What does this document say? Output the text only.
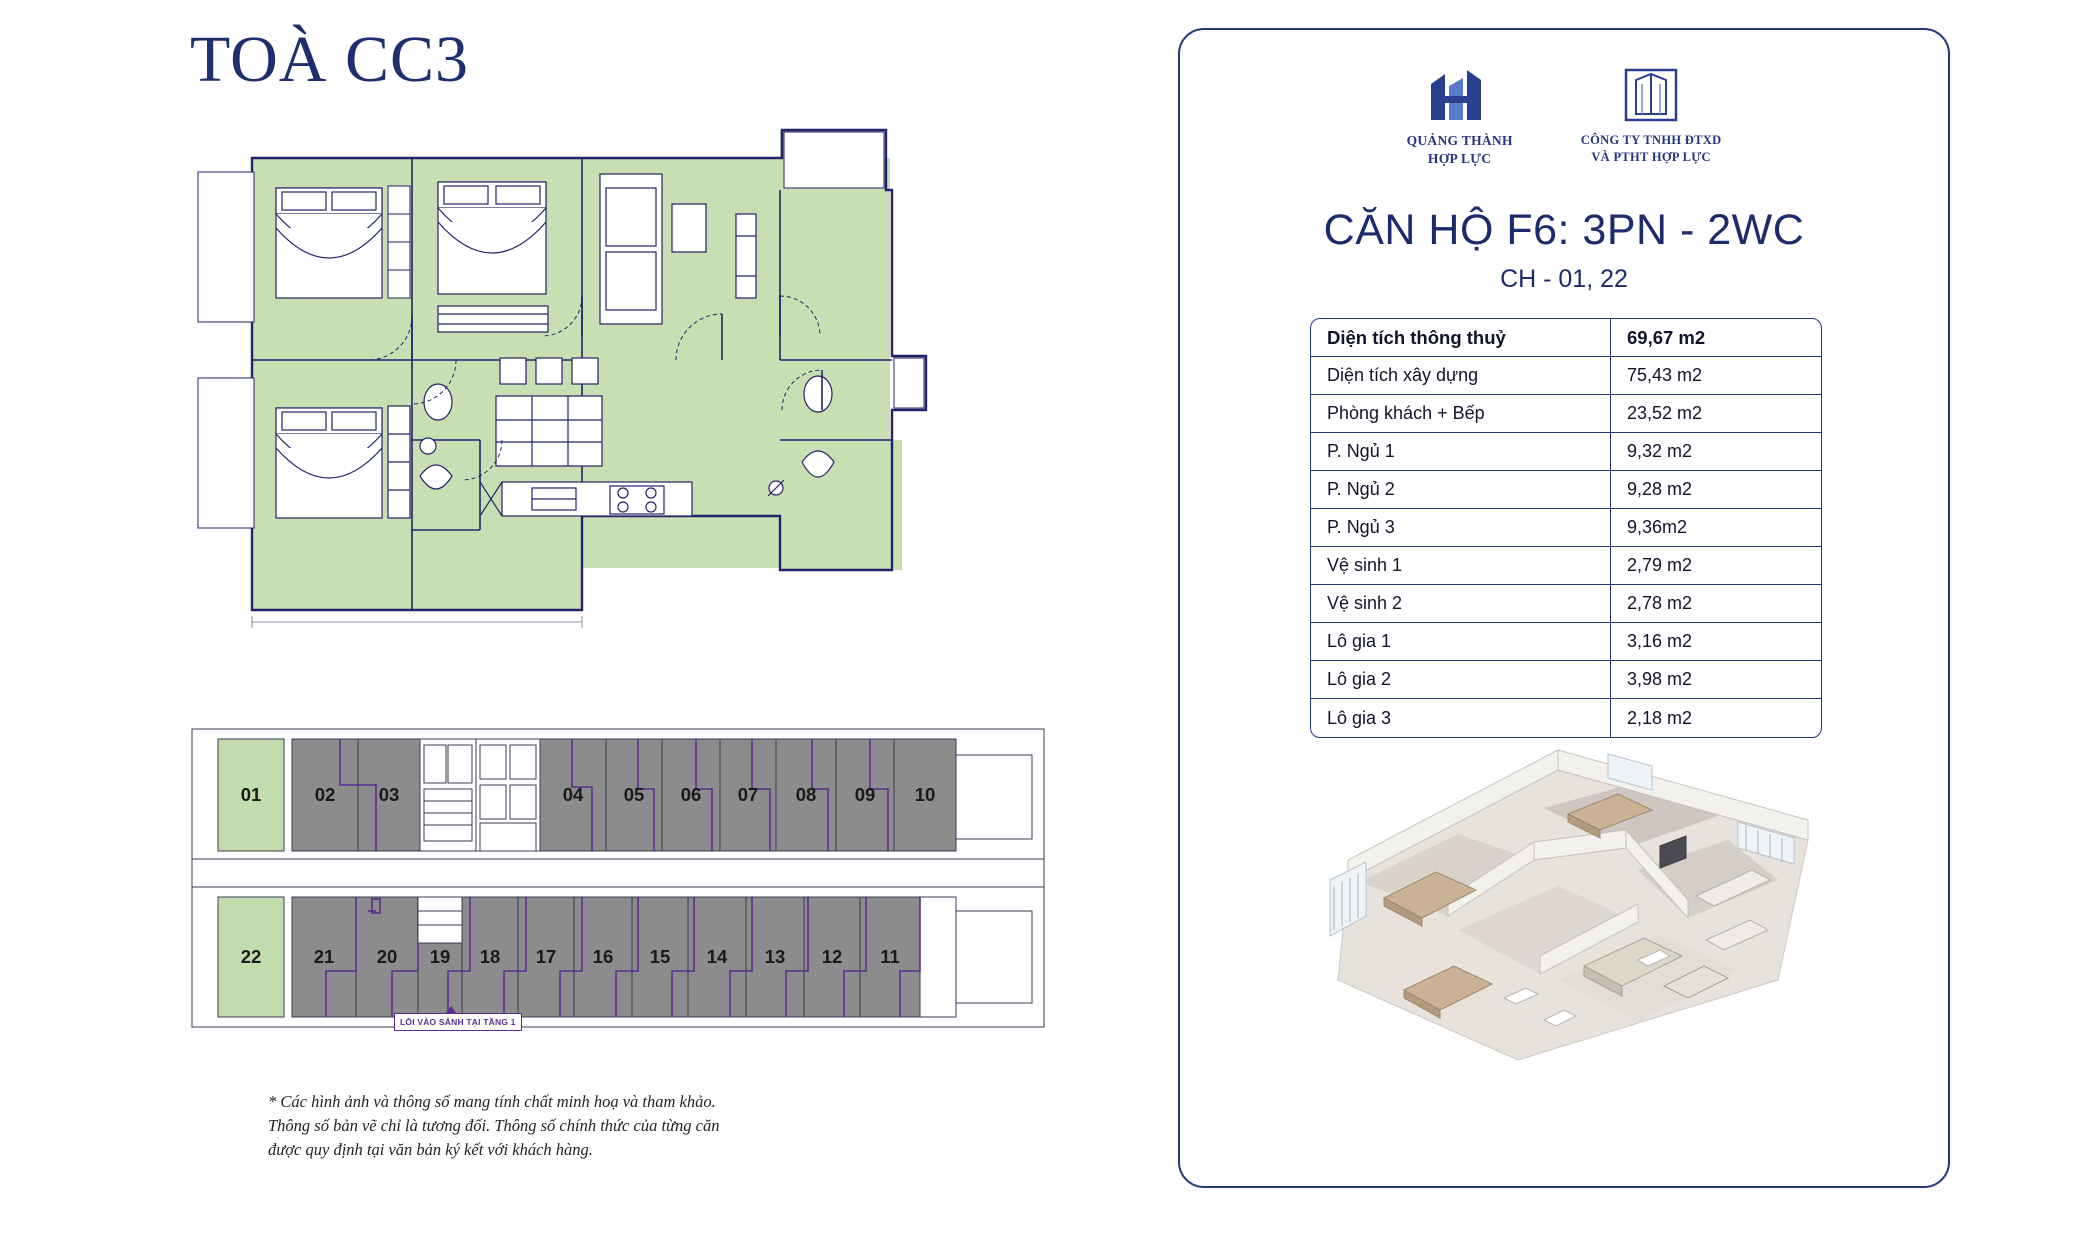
TOÀ CC3
01	02 03	04 05 06 07 08 09 10
22	21 20 19 18 17 16 15 14 13 12 11
LỐI VÀO SẢNH TẠI TẦNG 1
* Các hình ảnh và thông số mang tính chất minh hoạ và tham khảo. Thông số bản vẽ chỉ là tương đối. Thông số chính thức của từng căn được quy định tại văn bản ký kết với khách hàng.
QUẢNG THÀNH
HỢP LỰC
CÔNG TY TNHH ĐTXD
VÀ PTHT HỢP LỰC
CĂN HỘ F6: 3PN - 2WC
CH - 01, 22
Diện tích thông thuỷ	69,67 m2
Diện tích xây dựng	75,43 m2
Phòng khách + Bếp	23,52 m2
P. Ngủ 1	9,32 m2
P. Ngủ 2	9,28 m2
P. Ngủ 3	9,36m2
Vệ sinh 1	2,79 m2
Vệ sinh 2	2,78 m2
Lô gia 1	3,16 m2
Lô gia 2	3,98 m2
Lô gia 3	2,18 m2
